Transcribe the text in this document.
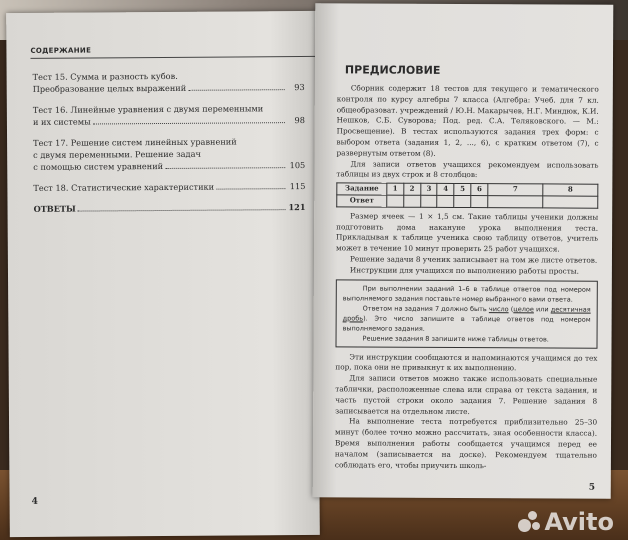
СОДЕРЖАНИЕ
Тест 15. Сумма и разность кубов.
Преобразование целых выражений	93
Тест 16. Линейные уравнения с двумя переменными
и их системы	98
Тест 17. Решение систем линейных уравнений
с двумя переменными. Решение задач
с помощью систем уравнений	105
Тест 18. Статистические характеристики	115
ОТВЕТЫ	121
4
ПРЕДИСЛОВИЕ

Сборник содержит 18 тестов для текущего и тематического контроля по курсу алгебры 7 класса (Алгебра: Учеб. для 7 кл. общеобразоват. учреждений / Ю.Н. Макарычев, Н.Г. Миндюк, К.И. Нешков, С.Б. Суворова; Под. ред. С.А. Теляковского. — М.: Просвещение). В тестах используются задания трех форм: с выбором ответа (задания 1, 2, ..., 6), с кратким ответом (7), с развернутым ответом (8).

Для записи ответов учащихся рекомендуем использовать таблицы из двух строк и 8 столбцов:

Задание	1	2	3	4	5	6	7	8
Ответ								

Размер ячеек — 1 × 1,5 см. Такие таблицы ученики должны подготовить дома накануне урока выполнения теста. Прикладывая к таблице ученика свою таблицу ответов, учитель может в течение 10 минут проверить 25 работ учащихся.

Решение задачи 8 ученик записывает на том же листе ответов.

Инструкции для учащихся по выполнению работы просты.

При выполнении заданий 1–6 в таблице ответов под номером выполняемого задания поставьте номер выбранного вами ответа.

Ответом на задания 7 должно быть число (целое или десятичная дробь). Это число запишите в таблице ответов под номером выполняемого задания.

Решение задания 8 запишите ниже таблицы ответов.

Эти инструкции сообщаются и напоминаются учащимся до тех пор, пока они не привыкнут к их выполнению.

Для записи ответов можно также использовать специальные таблички, расположенные слева или справа от текста задания, и часть пустой строки около задания 7. Решение задания 8 записывается на отдельном листе.

На выполнение теста потребуется приблизительно 25–30 минут (более точно можно рассчитать, зная особенности класса). Время выполнения работы сообщается учащимся перед ее началом (записывается на доске). Рекомендуем тщательно соблюдать его, чтобы приучить школь-

5
Avito
